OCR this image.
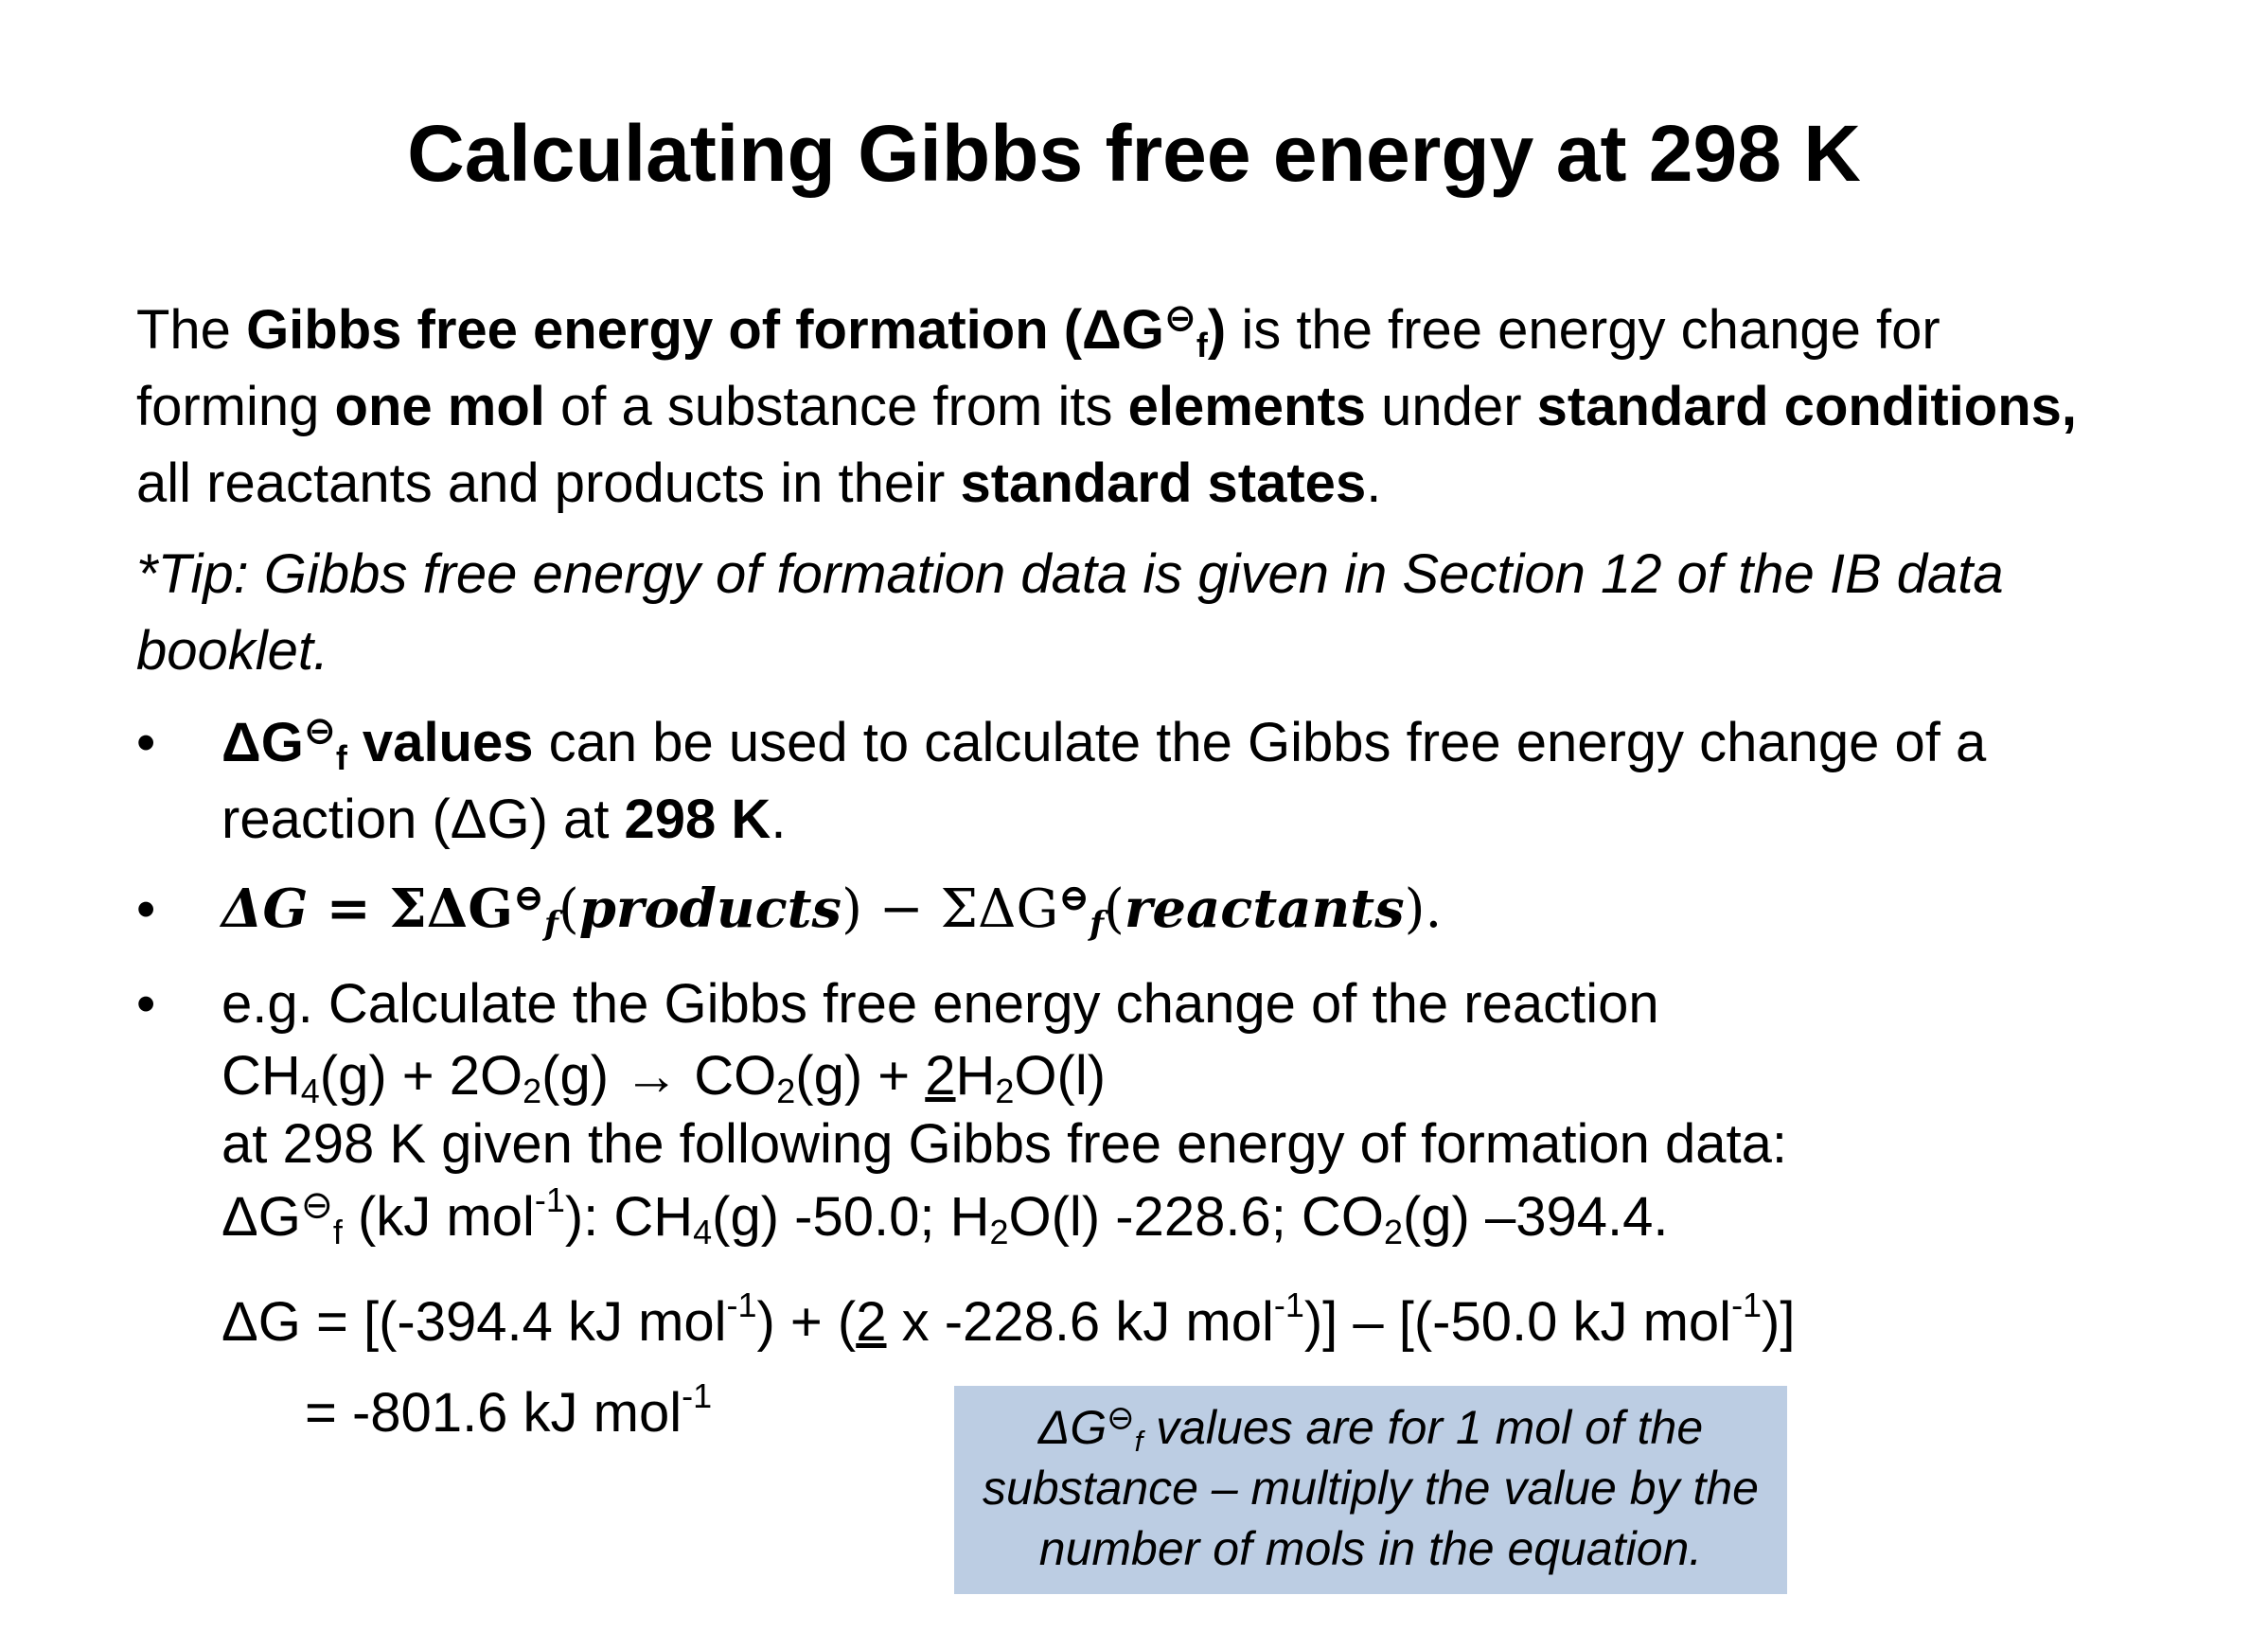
Calculating Gibbs free energy at 298 K
The Gibbs free energy of formation $(\Delta G^⊖_f)$ is the free energy change for
forming one mol of a substance from its elements under standard conditions,
all reactants and products in their standard states.
*Tip: Gibbs free energy of formation data is given in Section 12 of the IB data
booklet.
• $\Delta G^⊖_f$ values can be used to calculate the Gibbs free energy change of a
reaction (ΔG) at 298 K.
• $\Delta G = \Sigma\Delta G^⊖_f(products)$ − $\Sigma\Delta G^⊖_f(reactants)$.
• e.g. Calculate the Gibbs free energy change of the reaction
$CH_4(g) + 2O_2(g) \to CO_2(g) + 2H_2O(l)$
at 298 K given the following Gibbs free energy of formation data:
$\Delta G^⊖_f$ (kJ mol$^{-1}$): $CH_4(g)$ -50.0; $H_2O(l)$ -228.6; $CO_2(g)$ –394.4.
ΔG = [(-394.4 kJ mol$^{-1}$) + (2 x -228.6 kJ mol$^{-1}$)] – [(-50.0 kJ mol$^{-1}$)]
= -801.6 kJ mol$^{-1}$
$\Delta G^⊖_f$ values are for 1 mol of the
substance – multiply the value by the
number of mols in the equation.
